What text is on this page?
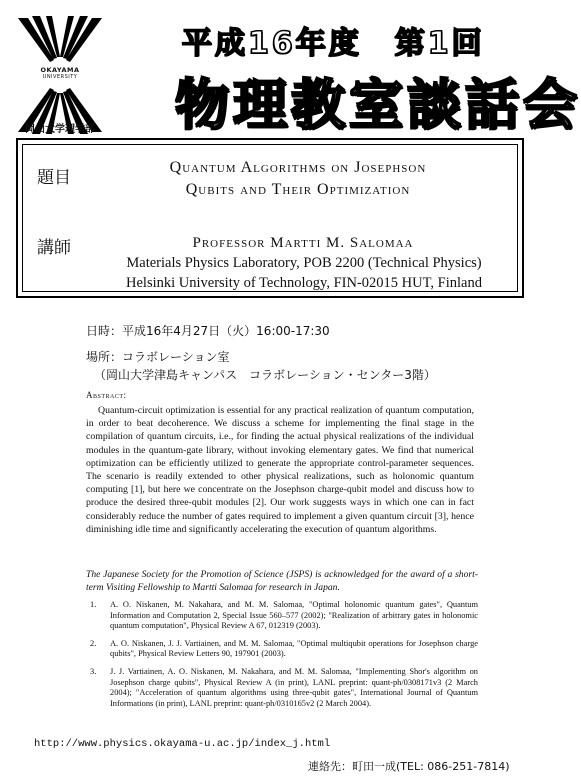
OKAYAMA
UNIVERSITY
岡山大学理学部
平成16年度　第1回
物理教室談話会
題目
Quantum Algorithms on Josephson
Qubits and Their Optimization
講師	Professor Martti M. Salomaa
Materials Physics Laboratory, POB 2200 (Technical Physics)
Helsinki University of Technology, FIN-02015 HUT, Finland
日時：平成16年4月27日（火）16:00-17:30
場所：コラボレーション室
（岡山大学津島キャンパス　コラボレーション・センター3階）
Abstract:
Quantum-circuit optimization is essential for any practical realization of quantum computation, in order to beat decoherence. We discuss a scheme for implementing the final stage in the compilation of quantum circuits, i.e., for finding the actual physical realizations of the individual modules in the quantum-gate library, without invoking elementary gates. We find that numerical optimization can be efficiently utilized to generate the appropriate control-parameter sequences. The scenario is readily extended to other physical realizations, such as holonomic quantum computing [1], but here we concentrate on the Josephson charge-qubit model and discuss how to produce the desired three-qubit modules [2]. Our work suggests ways in which one can in fact considerably reduce the number of gates required to implement a given quantum circuit [3], hence diminishing idle time and significantly accelerating the execution of quantum algorithms.
The Japanese Society for the Promotion of Science (JSPS) is acknowledged for the award of a short-term Visiting Fellowship to Martti Salomaa for research in Japan.
1. A. O. Niskanen, M. Nakahara, and M. M. Salomaa, "Optimal holonomic quantum gates", Quantum Information and Computation 2, Special Issue 560–577 (2002); "Realization of arbitrary gates in holonomic quantum computation", Physical Review A 67, 012319 (2003).
2. A. O. Niskanen, J. J. Vartiainen, and M. M. Salomaa, "Optimal multiqubit operations for Josephson charge qubits", Physical Review Letters 90, 197901 (2003).
3. J. J. Vartiainen, A. O. Niskanen, M. Nakahara, and M. M. Salomaa, "Implementing Shor's algorithm on Josephson charge qubits", Physical Review A (in print), LANL preprint: quant-ph/0308171v3 (2 March 2004); "Acceleration of quantum algorithms using three-qubit gates", International Journal of Quantum Informations (in print), LANL preprint: quant-ph/0310165v2 (2 March 2004).
http://www.physics.okayama-u.ac.jp/index_j.html
連絡先：町田一成(TEL: 086-251-7814)
